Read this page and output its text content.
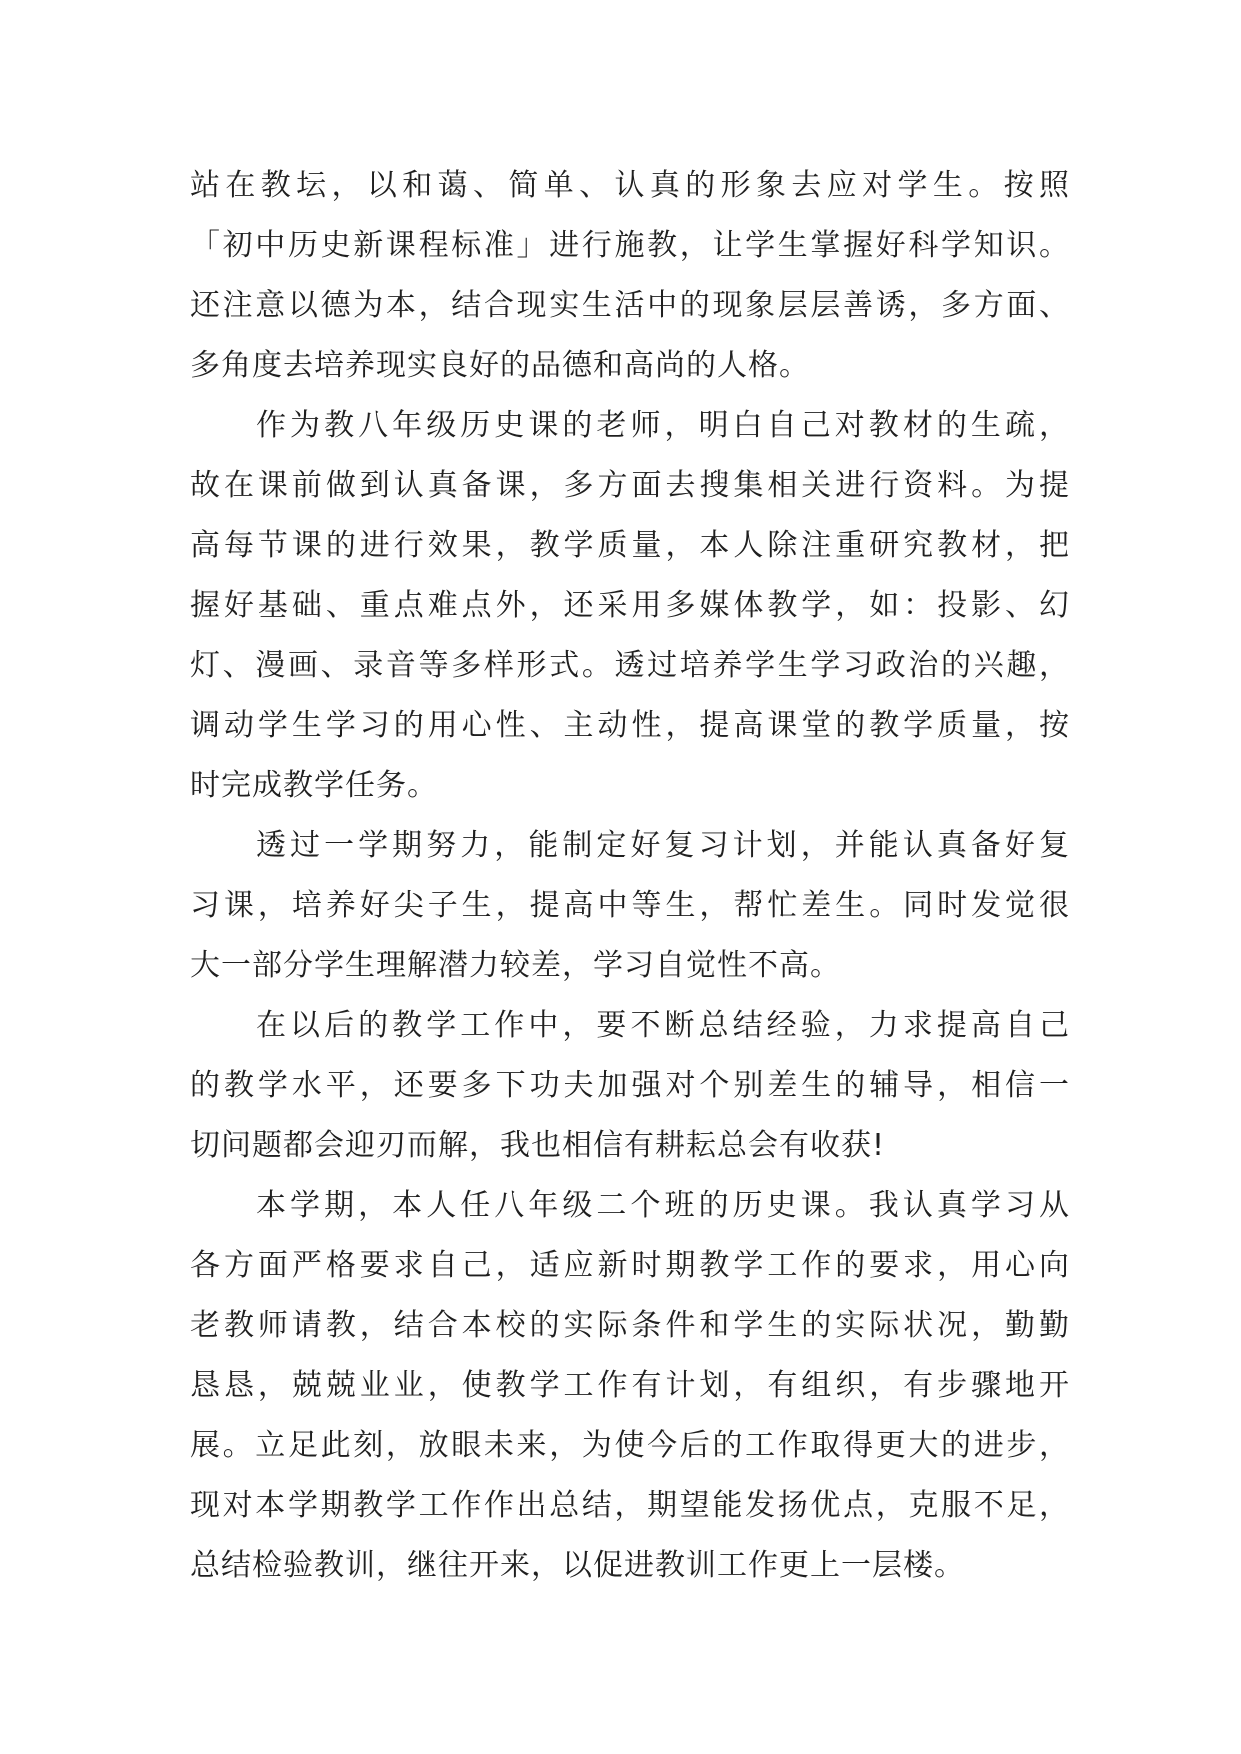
站在教坛，以和蔼、简单、认真的形象去应对学生。按照
「初中历史新课程标准」进行施教，让学生掌握好科学知识。
还注意以德为本，结合现实生活中的现象层层善诱，多方面、
多角度去培养现实良好的品德和高尚的人格。
作为教八年级历史课的老师，明白自己对教材的生疏，
故在课前做到认真备课，多方面去搜集相关进行资料。为提
高每节课的进行效果，教学质量，本人除注重研究教材，把
握好基础、重点难点外，还采用多媒体教学，如：投影、幻
灯、漫画、录音等多样形式。透过培养学生学习政治的兴趣，
调动学生学习的用心性、主动性，提高课堂的教学质量，按
时完成教学任务。
透过一学期努力，能制定好复习计划，并能认真备好复
习课，培养好尖子生，提高中等生，帮忙差生。同时发觉很
大一部分学生理解潜力较差，学习自觉性不高。
在以后的教学工作中，要不断总结经验，力求提高自己
的教学水平，还要多下功夫加强对个别差生的辅导，相信一
切问题都会迎刃而解，我也相信有耕耘总会有收获!
本学期，本人任八年级二个班的历史课。我认真学习从
各方面严格要求自己，适应新时期教学工作的要求，用心向
老教师请教，结合本校的实际条件和学生的实际状况，勤勤
恳恳，兢兢业业，使教学工作有计划，有组织，有步骤地开
展。立足此刻，放眼未来，为使今后的工作取得更大的进步，
现对本学期教学工作作出总结，期望能发扬优点，克服不足，
总结检验教训，继往开来，以促进教训工作更上一层楼。
